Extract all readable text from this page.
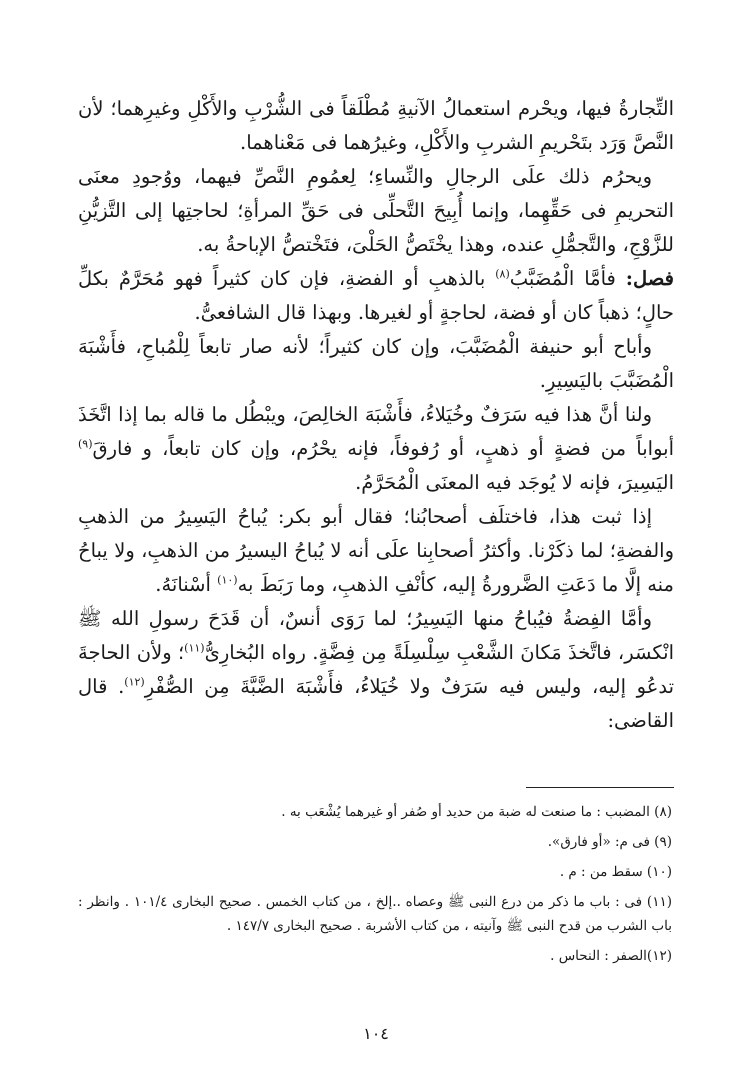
التِّجارةُ فيها، ويحْرم استعمالُ الآنيةِ مُطْلَقاً فى الشُّرْبِ والأَكْلِ وغيرِهما؛ لأن النَّصَّ وَرَد بتَحْريمِ الشربِ والأَكْلِ، وغيرُهما فى مَعْناهما.

ويحرُم ذلك علَى الرجالِ والنِّساءِ؛ لِعمُومِ النَّصِّ فيهما، ووُجودِ معنَى التحريمِ فى حَقِّهِما، وإنما أُبِيحَ التَّحلِّى فى حَقِّ المرأةِ؛ لحاجتِها إلى التَّزيُّنِ للزَّوْجِ، والتَّجمُّلِ عنده، وهذا يخْتَصُّ الحَلْىَ، فتَخْتصُّ الإباحةُ به.

فصل: فأمَّا الْمُضَبَّبُ$^{(٨)}$ بالذهبِ أو الفضةِ، فإن كان كثيراً فهو مُحَرَّمٌ بكلِّ حالٍ؛ ذهباً كان أو فضة، لحاجةٍ أو لغيرها. وبهذا قال الشافعىُّ.

وأباح أبو حنيفة الْمُضَبَّبَ، وإن كان كثيراً؛ لأنه صار تابعاً لِلْمُباحِ، فأَشْبَهَ الْمُضَبَّبَ باليَسِيرِ.

ولنا أنَّ هذا فيه سَرَفٌ وخُيَلاءُ، فأَشْبَهَ الخالِصَ، ويبْطُل ما قاله بما إذا اتَّخَذَ أبواباً من فضةٍ أو ذهبٍ، أو رُفوفاً، فإنه يحْرُم، وإن كان تابعاً، و فارقَ$^{(٩)}$ اليَسِيرَ، فإنه لا يُوجَد فيه المعنَى الْمُحَرَّمُ.

إذا ثبت هذا، فاختلَف أصحابُنا؛ فقال أبو بكر: يُباحُ اليَسِيرُ من الذهبِ والفضةِ؛ لما ذكَرْنا. وأكثرُ أصحابِنا علَى أنه لا يُباحُ اليسيرُ من الذهبِ، ولا يباحُ منه إلَّا ما دَعَتِ الضَّرورةُ إليه، كأنْفِ الذهبِ، وما رَبَطَ به$^{(١٠)}$ أسْنانَهُ.

وأمَّا الفِضةُ فيُباحُ منها اليَسِيرُ؛ لما رَوَى أنسٌ، أن قَدَحَ رسولِ الله ﷺ انْكسَر، فاتَّخذَ مَكانَ الشَّعْبِ سِلْسِلَةً مِن فِضَّةٍ. رواه البُخارِىُّ$^{(١١)}$؛ ولأن الحاجةَ تدعُو إليه، وليس فيه سَرَفٌ ولا خُيَلاءُ، فأَشْبَهَ الضَّبَّةَ مِن الصُّفْرِ$^{(١٢)}$. قال القاضى:

(٨) المضبب : ما صنعت له ضبة من حديد أو صُفر أو غيرهما يُشْعَب به .

(٩) فى م: «أو فارق».

(١٠) سقط من : م .

(١١) فى : باب ما ذكر من درع النبى ﷺ وعصاه ..إلخ ، من كتاب الخمس . صحيح البخارى ١٠١/٤ . وانظر : باب الشرب من قدح النبى ﷺ وآنيته ، من كتاب الأشربة . صحيح البخارى ١٤٧/٧ .

(١٢)الصفر : النحاس .

١٠٤
